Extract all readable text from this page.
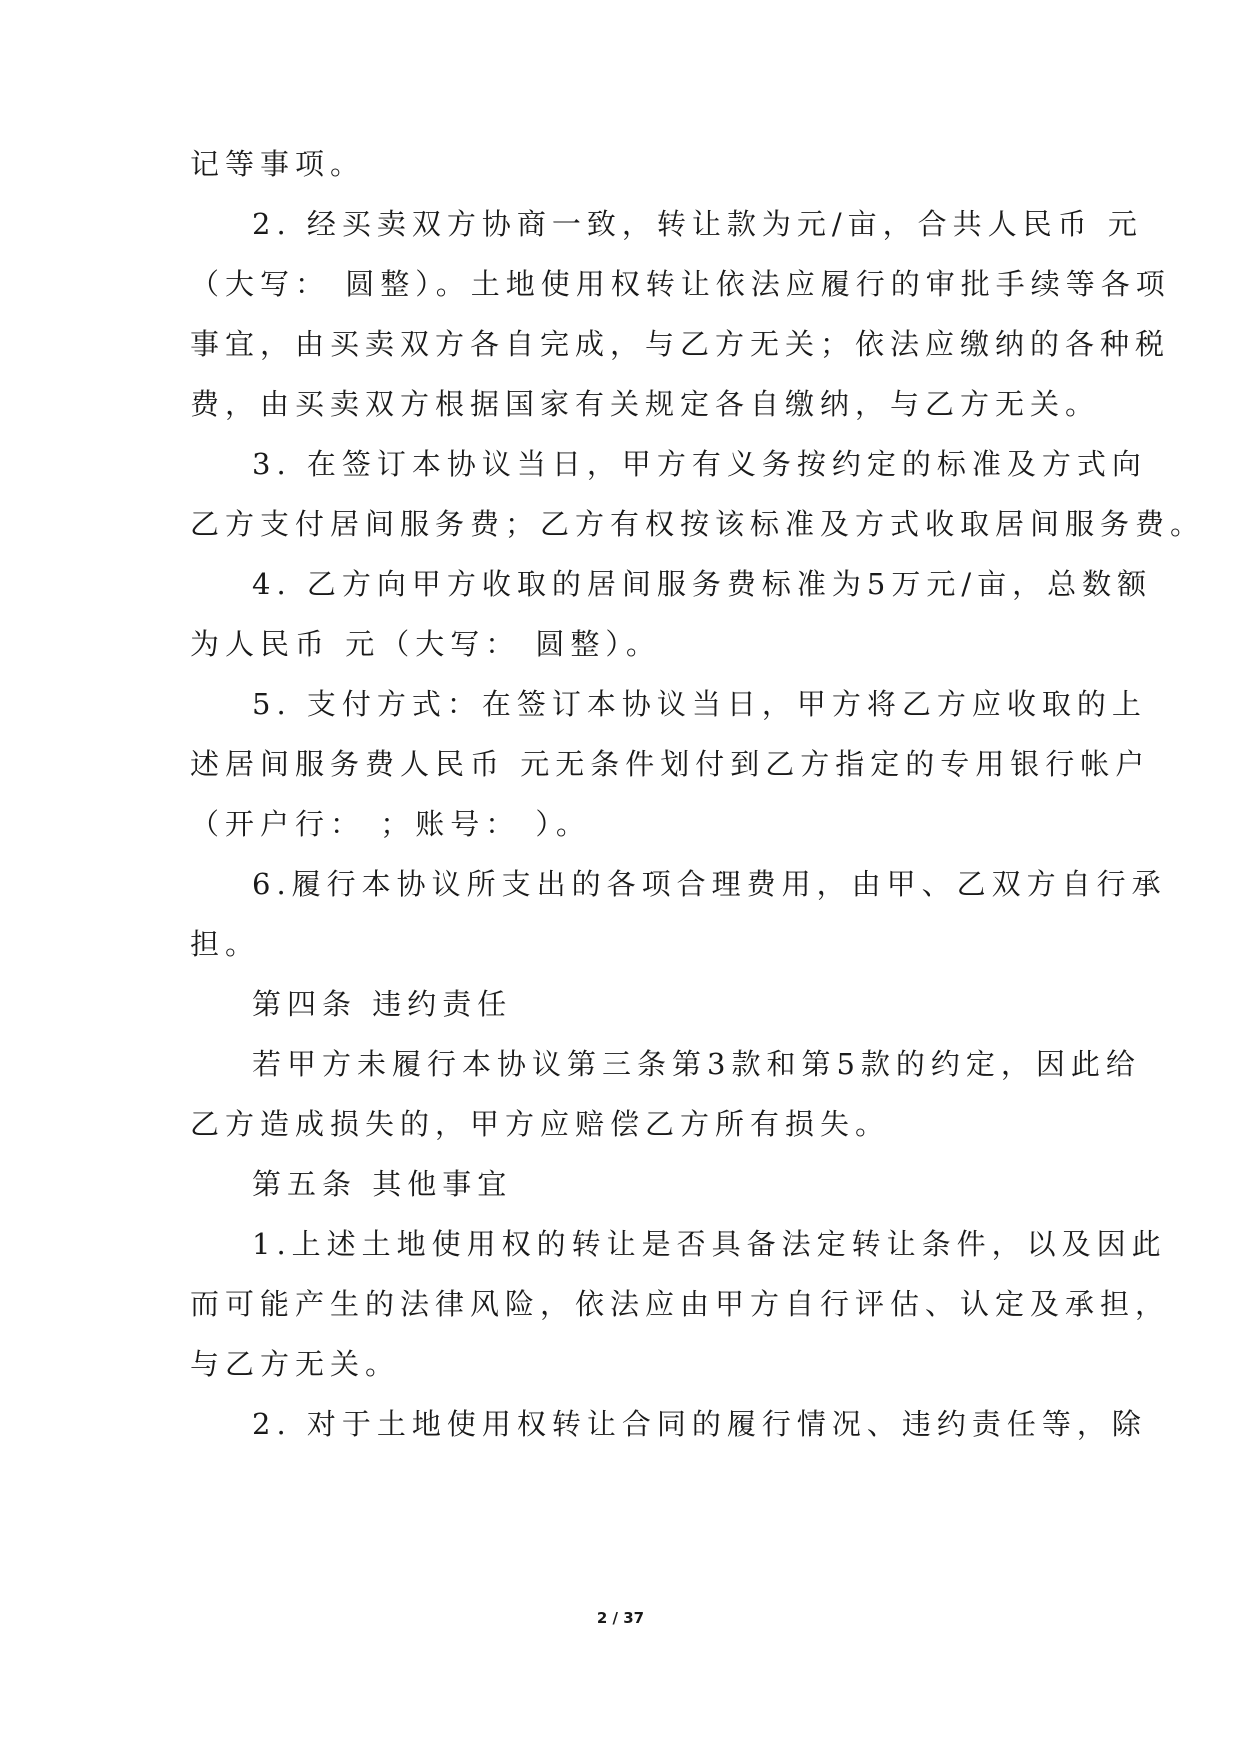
记等事项。
2. 经买卖双方协商一致，转让款为元/亩，合共人民币 元
（大写： 圆整）。土地使用权转让依法应履行的审批手续等各项
事宜，由买卖双方各自完成，与乙方无关；依法应缴纳的各种税
费，由买卖双方根据国家有关规定各自缴纳，与乙方无关。
3. 在签订本协议当日，甲方有义务按约定的标准及方式向
乙方支付居间服务费；乙方有权按该标准及方式收取居间服务费。
4. 乙方向甲方收取的居间服务费标准为5万元/亩，总数额
为人民币 元（大写： 圆整）。
5. 支付方式：在签订本协议当日，甲方将乙方应收取的上
述居间服务费人民币 元无条件划付到乙方指定的专用银行帐户
（开户行： ；账号： ）。
6.履行本协议所支出的各项合理费用，由甲、乙双方自行承
担。
第四条 违约责任
若甲方未履行本协议第三条第3款和第5款的约定，因此给
乙方造成损失的，甲方应赔偿乙方所有损失。
第五条 其他事宜
1.上述土地使用权的转让是否具备法定转让条件，以及因此
而可能产生的法律风险，依法应由甲方自行评估、认定及承担，
与乙方无关。
2. 对于土地使用权转让合同的履行情况、违约责任等，除
2 / 37
